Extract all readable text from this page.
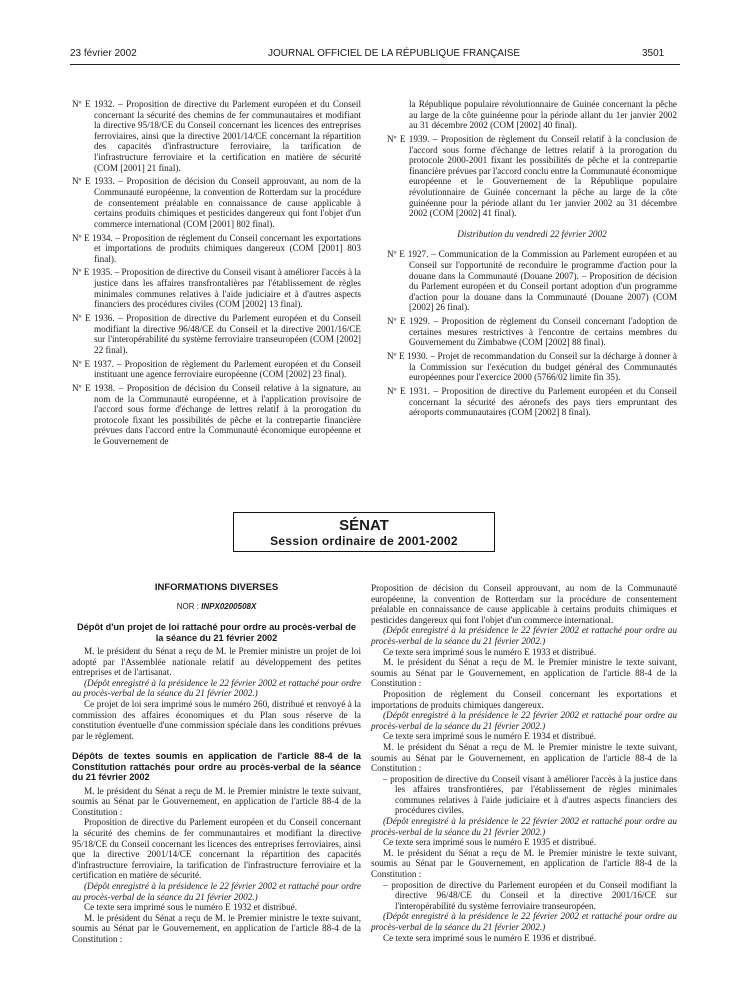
23 février 2002	JOURNAL OFFICIEL DE LA RÉPUBLIQUE FRANÇAISE	3501
Nº E 1932. – Proposition de directive du Parlement européen et du Conseil concernant la sécurité des chemins de fer communautaires et modifiant la directive 95/18/CE du Conseil concernant les licences des entreprises ferroviaires, ainsi que la directive 2001/14/CE concernant la répartition des capacités d'infrastructure ferroviaire, la tarification de l'infrastructure ferroviaire et la certification en matière de sécurité (COM [2001] 21 final).
Nº E 1933. – Proposition de décision du Conseil approuvant, au nom de la Communauté européenne, la convention de Rotterdam sur la procédure de consentement préalable en connaissance de cause applicable à certains produits chimiques et pesticides dangereux qui font l'objet d'un commerce international (COM [2001] 802 final).
Nº E 1934. – Proposition de règlement du Conseil concernant les exportations et importations de produits chimiques dangereux (COM [2001] 803 final).
Nº E 1935. – Proposition de directive du Conseil visant à améliorer l'accès à la justice dans les affaires transfrontalières par l'établissement de règles minimales communes relatives à l'aide judiciaire et à d'autres aspects financiers des procédures civiles (COM [2002] 13 final).
Nº E 1936. – Proposition de directive du Parlement européen et du Conseil modifiant la directive 96/48/CE du Conseil et la directive 2001/16/CE sur l'interopérabilité du système ferroviaire transeuropéen (COM [2002] 22 final).
Nº E 1937. – Proposition de règlement du Parlement européen et du Conseil instituant une agence ferroviaire européenne (COM [2002] 23 final).
Nº E 1938. – Proposition de décision du Conseil relative à la signature, au nom de la Communauté européenne, et à l'application provisoire de l'accord sous forme d'échange de lettres relatif à la prorogation du protocole fixant les possibilités de pêche et la contrepartie financière prévues dans l'accord entre la Communauté économique européenne et le Gouvernement de
la République populaire révolutionnaire de Guinée concernant la pêche au large de la côte guinéenne pour la période allant du 1er janvier 2002 au 31 décembre 2002 (COM [2002] 40 final).
Nº E 1939. – Proposition de règlement du Conseil relatif à la conclusion de l'accord sous forme d'échange de lettres relatif à la prorogation du protocole 2000-2001 fixant les possibilités de pêche et la contrepartie financière prévues par l'accord conclu entre la Communauté économique européenne et le Gouvernement de la République populaire révolutionnaire de Guinée concernant la pêche au large de la côte guinéenne pour la période allant du 1er janvier 2002 au 31 décembre 2002 (COM [2002] 41 final).
Distribution du vendredi 22 février 2002
Nº E 1927. – Communication de la Commission au Parlement européen et au Conseil sur l'opportunité de reconduire le programme d'action pour la douane dans la Communauté (Douane 2007). – Proposition de décision du Parlement européen et du Conseil portant adoption d'un programme d'action pour la douane dans la Communauté (Douane 2007) (COM [2002] 26 final).
Nº E 1929. – Proposition de règlement du Conseil concernant l'adoption de certaines mesures restrictives à l'encontre de certains membres du Gouvernement du Zimbabwe (COM [2002] 88 final).
Nº E 1930. – Projet de recommandation du Conseil sur la décharge à donner à la Commission sur l'exécution du budget général des Communautés européennes pour l'exercice 2000 (5766/02 limite fin 35).
Nº E 1931. – Proposition de directive du Parlement européen et du Conseil concernant la sécurité des aéronefs des pays tiers empruntant des aéroports communautaires (COM [2002] 8 final).
SÉNAT
Session ordinaire de 2001-2002
INFORMATIONS DIVERSES
NOR : INPX0200508X
Dépôt d'un projet de loi rattaché pour ordre au procès-verbal de la séance du 21 février 2002

M. le président du Sénat a reçu de M. le Premier ministre un projet de loi adopté par l'Assemblée nationale relatif au développement des petites entreprises et de l'artisanat.

(Dépôt enregistré à la présidence le 22 février 2002 et rattaché pour ordre au procès-verbal de la séance du 21 février 2002.)

Ce projet de loi sera imprimé sous le numéro 260, distribué et renvoyé à la commission des affaires économiques et du Plan sous réserve de la constitution éventuelle d'une commission spéciale dans les conditions prévues par le règlement.

Dépôts de textes soumis en application de l'article 88-4 de la Constitution rattachés pour ordre au procès-verbal de la séance du 21 février 2002

M. le président du Sénat a reçu de M. le Premier ministre le texte suivant, soumis au Sénat par le Gouvernement, en application de l'article 88-4 de la Constitution :

Proposition de directive du Parlement européen et du Conseil concernant la sécurité des chemins de fer communautaires et modifiant la directive 95/18/CE du Conseil concernant les licences des entreprises ferroviaires, ainsi que la directive 2001/14/CE concernant la répartition des capacités d'infrastructure ferroviaire, la tarification de l'infrastructure ferroviaire et la certification en matière de sécurité.

(Dépôt enregistré à la présidence le 22 février 2002 et rattaché pour ordre au procès-verbal de la séance du 21 février 2002.)

Ce texte sera imprimé sous le numéro E 1932 et distribué.

M. le président du Sénat a reçu de M. le Premier ministre le texte suivant, soumis au Sénat par le Gouvernement, en application de l'article 88-4 de la Constitution :

Proposition de décision du Conseil approuvant, au nom de la Communauté européenne, la convention de Rotterdam sur la procédure de consentement préalable en connaissance de cause applicable à certains produits chimiques et pesticides dangereux qui font l'objet d'un commerce international.

(Dépôt enregistré à la présidence le 22 février 2002 et rattaché pour ordre au procès-verbal de la séance du 21 février 2002.)

Ce texte sera imprimé sous le numéro E 1933 et distribué.

M. le président du Sénat a reçu de M. le Premier ministre le texte suivant, soumis au Sénat par le Gouvernement, en application de l'article 88-4 de la Constitution :

Proposition de règlement du Conseil concernant les exportations et importations de produits chimiques dangereux.

(Dépôt enregistré à la présidence le 22 février 2002 et rattaché pour ordre au procès-verbal de la séance du 21 février 2002.)

Ce texte sera imprimé sous le numéro E 1934 et distribué.

M. le président du Sénat a reçu de M. le Premier ministre le texte suivant, soumis au Sénat par le Gouvernement, en application de l'article 88-4 de la Constitution :

– proposition de directive du Conseil visant à améliorer l'accès à la justice dans les affaires transfrontières, par l'établissement de règles minimales communes relatives à l'aide judiciaire et à d'autres aspects financiers des procédures civiles.

(Dépôt enregistré à la présidence le 22 février 2002 et rattaché pour ordre au procès-verbal de la séance du 21 février 2002.)

Ce texte sera imprimé sous le numéro E 1935 et distribué.

M. le président du Sénat a reçu de M. le Premier ministre le texte suivant, soumis au Sénat par le Gouvernement, en application de l'article 88-4 de la Constitution :

– proposition de directive du Parlement européen et du Conseil modifiant la directive 96/48/CE du Conseil et la directive 2001/16/CE sur l'interopérabilité du système ferroviaire transeuropéen.

(Dépôt enregistré à la présidence le 22 février 2002 et rattaché pour ordre au procès-verbal de la séance du 21 février 2002.)

Ce texte sera imprimé sous le numéro E 1936 et distribué.
